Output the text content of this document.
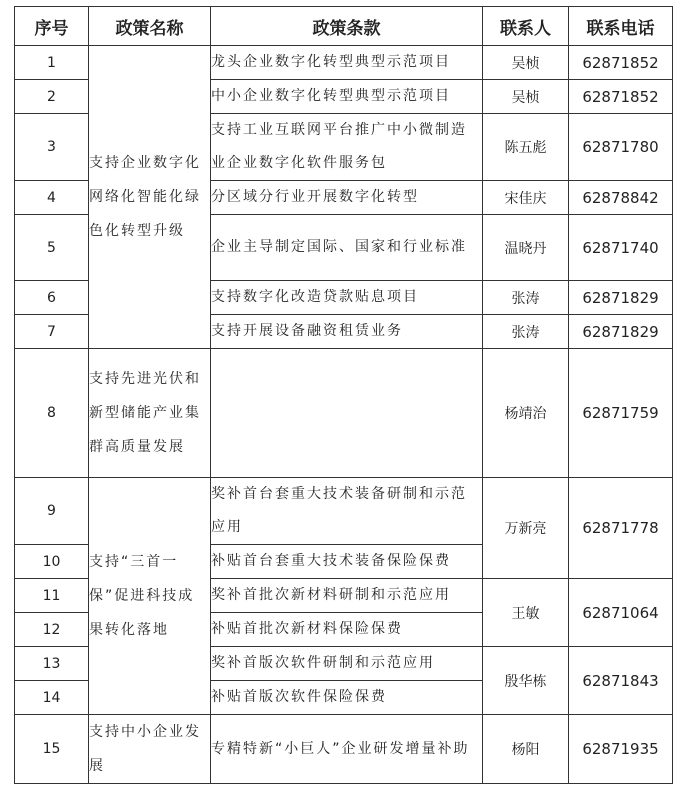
序号	政策名称	政策条款	联系人	联系电话
1	支持企业数字化网络化智能化绿色化转型升级	龙头企业数字化转型典型示范项目	吴桢	62871852
2		中小企业数字化转型典型示范项目	吴桢	62871852
3		支持工业互联网平台推广中小微制造业企业数字化软件服务包	陈五彪	62871780
4		分区域分行业开展数字化转型	宋佳庆	62878842
5		企业主导制定国际、国家和行业标准	温晓丹	62871740
6		支持数字化改造贷款贴息项目	张涛	62871829
7		支持开展设备融资租赁业务	张涛	62871829
8	支持先进光伏和新型储能产业集群高质量发展		杨靖治	62871759
9	支持“三首一保”促进科技成果转化落地	奖补首台套重大技术装备研制和示范应用	万新亮	62871778
10		补贴首台套重大技术装备保险保费		
11		奖补首批次新材料研制和示范应用	王敏	62871064
12		补贴首批次新材料保险保费		
13		奖补首版次软件研制和示范应用	殷华栋	62871843
14		补贴首版次软件保险保费		
15	支持中小企业发展	专精特新“小巨人”企业研发增量补助	杨阳	62871935
